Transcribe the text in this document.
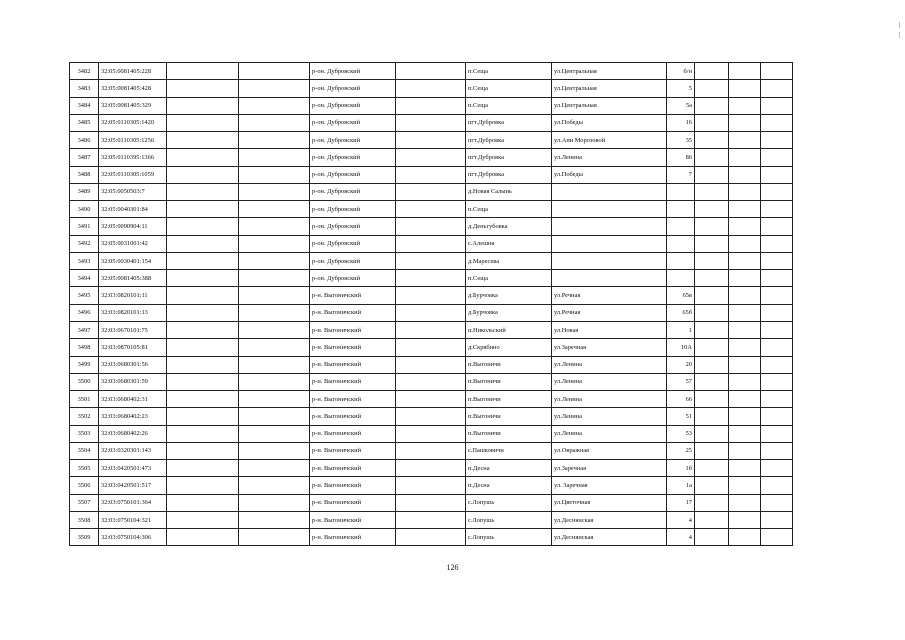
3482	32:05:0081405:228			р-он. Дубровский		п.Сеща	ул.Центральная	б/н			
3483	32:05:0081405:428			р-он. Дубровский		п.Сеща	ул.Центральная	5			
3484	32:05:0081405:329			р-он. Дубровский		п.Сеща	ул.Центральная	5а			
3485	32:05:0110305:1420			р-он. Дубровский		пгт.Дубровка	ул.Победы	16			
3486	32:05:0110305:1256			р-он. Дубровский		пгт.Дубровка	ул.Ани Морозовой	35			
3487	32:05:0110395:1366			р-он. Дубровский		пгт.Дубровка	ул.Ленина	86			
3488	32:05:0110305:1059			р-он. Дубровский		пгт.Дубровка	ул.Победы	7			
3489	32:05:0050503:7			р-он. Дубровский		д.Новая Салынь					
3490	32:05:0040301:84			р-он. Дубровский		п.Сеща					
3491	32:05:0090904:11			р-он. Дубровский		д.Деньгубовка					
3492	32:05:0031001:42			р-он. Дубровский		с.Алешня					
3493	32:05:0030401:154			р-он. Дубровский		д.Маресева					
3494	32:05:0081405:388			р-он. Дубровский		п.Сеща					
3495	32:03:0820101:11			р-н. Выгоничский		д.Бурчовка	ул.Речная	65в			
3496	32:03:0820101:13			р-н. Выгоничский		д.Бурчовка	ул.Речная	65б			
3497	32:03:0670101:75			р-н. Выгоничский		п.Никольский	ул.Новая	1			
3498	32:03:0870105:81			р-н. Выгоничский		д.Скрябино	ул.Заречная	10А			
3499	32:03:0680301:56			р-н. Выгоничский		п.Выгоничи	ул.Ленина	20			
3500	32:03:0680301:59			р-н. Выгоничский		п.Выгоничи	ул.Ленина	57			
3501	32:03:0680402:31			р-н. Выгоничский		п.Выгоничи	ул.Ленина	66			
3502	32:03:0680402:23			р-н. Выгоничский		п.Выгоничи	ул.Ленина	51			
3503	32:03:0680402:26			р-н. Выгоничский		п.Выгоничи	ул.Ленина	53			
3504	32:03:0320301:143			р-н. Выгоничский		с.Пашковичи	ул.Овражная	25			
3505	32:03:0420501:473			р-н. Выгоничский		п.Десна	ул.Заречная	1б			
3506	32:03:0420501:517			р-н. Выгоничский		п.Десна	ул. Заречная	1а			
3507	32:03:0750101:364			р-н. Выгоничский		с.Лопушь	ул.Цветочная	17			
3508	32:03:0750104:321			р-н. Выгоничский		с.Лопушь	ул.Деснянская	4			
3509	32:03:0750104:306			р-н. Выгоничский		с.Лопушь	ул.Деснянская	4			
126
